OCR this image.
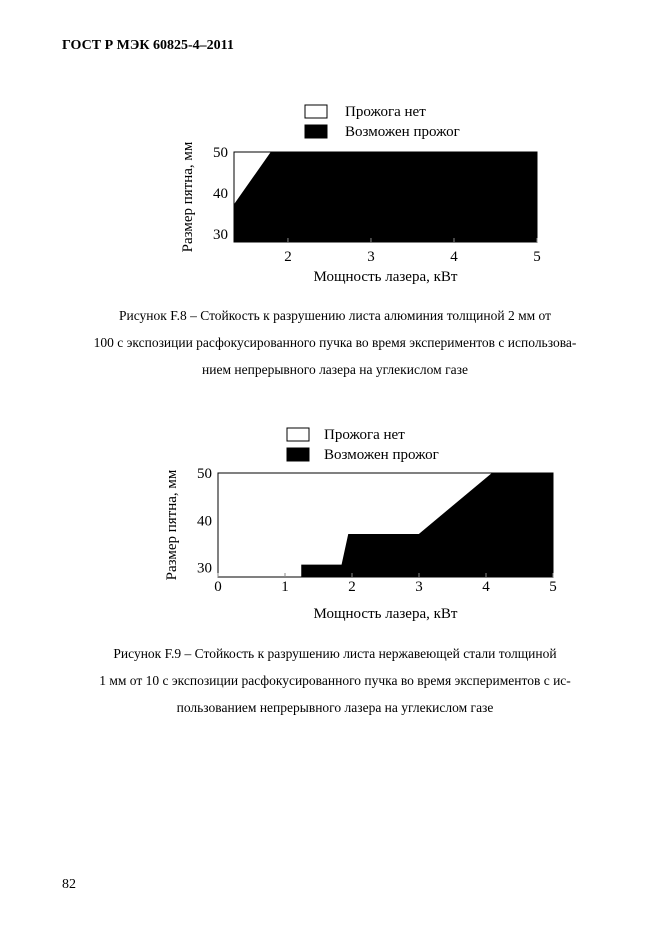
ГОСТ Р МЭК 60825-4–2011
Прожога нет
Возможен прожог
2	3	4	5
30
40
50
Мощность лазера, кВт
Размер пятна, мм
Рисунок F.8 – Стойкость к разрушению листа алюминия толщиной 2 мм от
100 с экспозиции расфокусированного пучка во время экспериментов с использова-
нием непрерывного лазера на углекислом газе
Прожога нет
Возможен прожог
0	1	2	3	4	5
30
40
50
Мощность лазера, кВт
Размер пятна, мм
Рисунок F.9 – Стойкость к разрушению листа нержавеющей стали толщиной
1 мм от 10 с экспозиции расфокусированного пучка во время экспериментов с ис-
пользованием непрерывного лазера на углекислом газе
82
